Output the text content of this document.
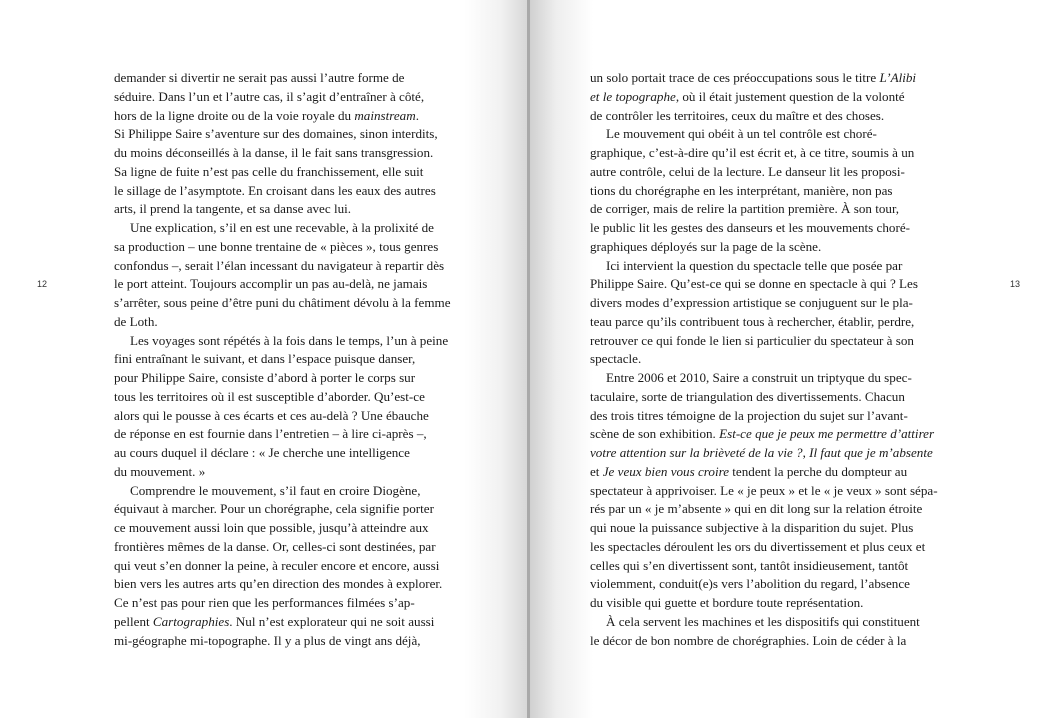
12
demander si divertir ne serait pas aussi l’autre forme de
séduire. Dans l’un et l’autre cas, il s’agit d’entraîner à côté,
hors de la ligne droite ou de la voie royale du mainstream.
Si Philippe Saire s’aventure sur des domaines, sinon interdits,
du moins déconseillés à la danse, il le fait sans transgression.
Sa ligne de fuite n’est pas celle du franchissement, elle suit
le sillage de l’asymptote. En croisant dans les eaux des autres
arts, il prend la tangente, et sa danse avec lui.
Une explication, s’il en est une recevable, à la prolixité de
sa production – une bonne trentaine de « pièces », tous genres
confondus –, serait l’élan incessant du navigateur à repartir dès
le port atteint. Toujours accomplir un pas au-delà, ne jamais
s’arrêter, sous peine d’être puni du châtiment dévolu à la femme
de Loth.
Les voyages sont répétés à la fois dans le temps, l’un à peine
fini entraînant le suivant, et dans l’espace puisque danser,
pour Philippe Saire, consiste d’abord à porter le corps sur
tous les territoires où il est susceptible d’aborder. Qu’est-ce
alors qui le pousse à ces écarts et ces au-delà ? Une ébauche
de réponse en est fournie dans l’entretien – à lire ci-après –,
au cours duquel il déclare : « Je cherche une intelligence
du mouvement. »
Comprendre le mouvement, s’il faut en croire Diogène,
équivaut à marcher. Pour un chorégraphe, cela signifie porter
ce mouvement aussi loin que possible, jusqu’à atteindre aux
frontières mêmes de la danse. Or, celles-ci sont destinées, par
qui veut s’en donner la peine, à reculer encore et encore, aussi
bien vers les autres arts qu’en direction des mondes à explorer.
Ce n’est pas pour rien que les performances filmées s’ap-
pellent Cartographies. Nul n’est explorateur qui ne soit aussi
mi-géographe mi-topographe. Il y a plus de vingt ans déjà,
13
un solo portait trace de ces préoccupations sous le titre L’Alibi
et le topographe, où il était justement question de la volonté
de contrôler les territoires, ceux du maître et des choses.
Le mouvement qui obéit à un tel contrôle est choré-
graphique, c’est-à-dire qu’il est écrit et, à ce titre, soumis à un
autre contrôle, celui de la lecture. Le danseur lit les proposi-
tions du chorégraphe en les interprétant, manière, non pas
de corriger, mais de relire la partition première. À son tour,
le public lit les gestes des danseurs et les mouvements choré-
graphiques déployés sur la page de la scène.
Ici intervient la question du spectacle telle que posée par
Philippe Saire. Qu’est-ce qui se donne en spectacle à qui ? Les
divers modes d’expression artistique se conjuguent sur le pla-
teau parce qu’ils contribuent tous à rechercher, établir, perdre,
retrouver ce qui fonde le lien si particulier du spectateur à son
spectacle.
Entre 2006 et 2010, Saire a construit un triptyque du spec-
taculaire, sorte de triangulation des divertissements. Chacun
des trois titres témoigne de la projection du sujet sur l’avant-
scène de son exhibition. Est-ce que je peux me permettre d’attirer
votre attention sur la brièveté de la vie ?, Il faut que je m’absente
et Je veux bien vous croire tendent la perche du dompteur au
spectateur à apprivoiser. Le « je peux » et le « je veux » sont sépa-
rés par un « je m’absente » qui en dit long sur la relation étroite
qui noue la puissance subjective à la disparition du sujet. Plus
les spectacles déroulent les ors du divertissement et plus ceux et
celles qui s’en divertissent sont, tantôt insidieusement, tantôt
violemment, conduit(e)s vers l’abolition du regard, l’absence
du visible qui guette et bordure toute représentation.
À cela servent les machines et les dispositifs qui constituent
le décor de bon nombre de chorégraphies. Loin de céder à la
